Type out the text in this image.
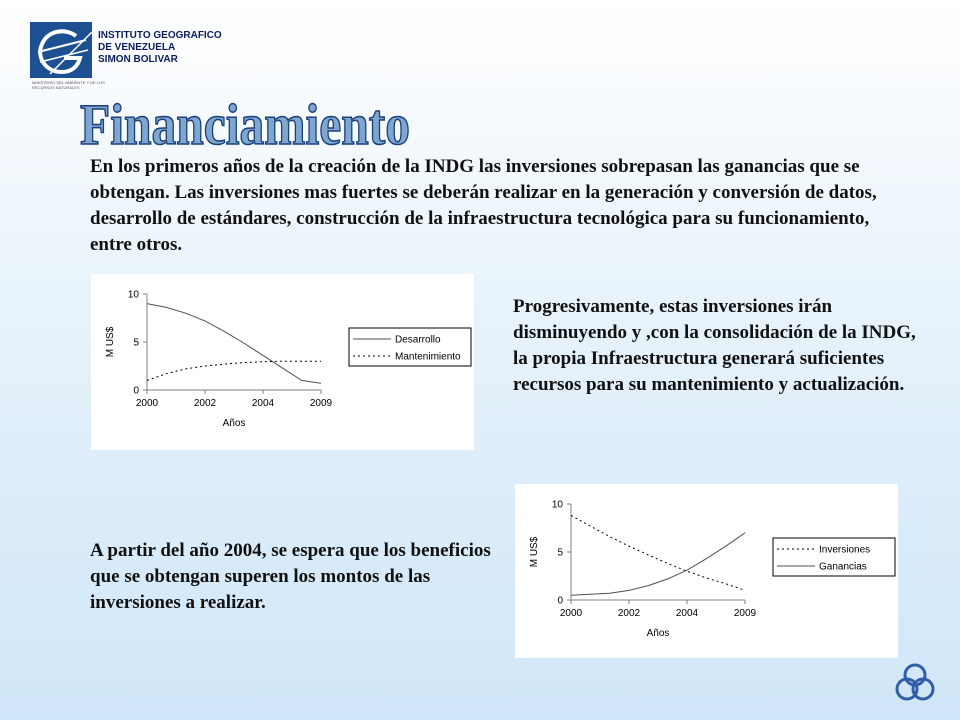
MINISTERIO DEL AMBIENTE Y DE LOS RECURSOS NATURALES
INSTITUTO GEOGRAFICO
DE VENEZUELA
SIMON BOLIVAR
Financiamiento
En los primeros años de la creación de la INDG las inversiones sobrepasan las ganancias que se obtengan. Las inversiones mas fuertes se deberán realizar en la generación y conversión de datos, desarrollo de estándares, construcción de la infraestructura tecnológica para su funcionamiento, entre otros.
Progresivamente, estas inversiones irán disminuyendo y ,con la consolidación de la INDG, la propia Infraestructura generará suficientes recursos para su mantenimiento y actualización.
A partir del año 2004, se espera que los beneficios que se obtengan superen los montos de las inversiones a realizar.
0
5
10
2000	2002	2004	2009
Años
M US$	Desarrollo
Mantenimiento
0
5
10
2000	2002	2004	2009
Años
M US$	Inversiones
Ganancias
